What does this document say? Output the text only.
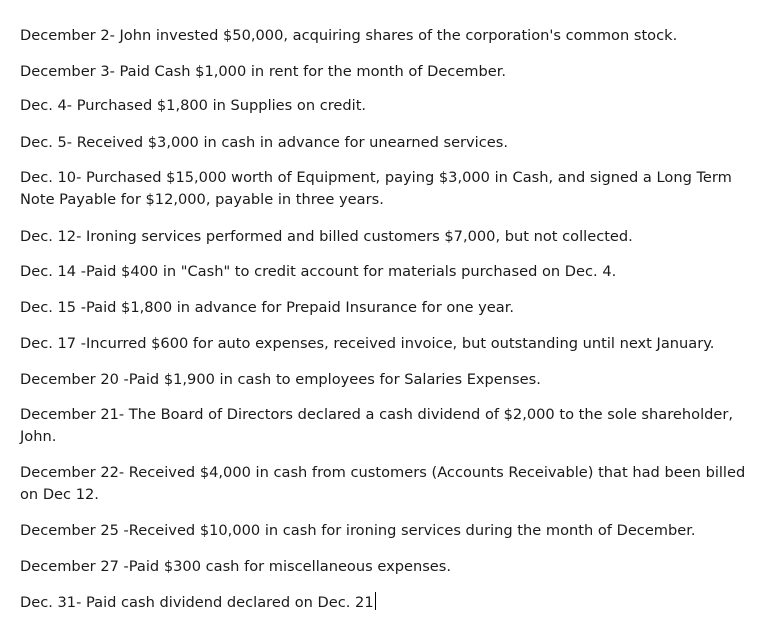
December 2- John invested $50,000, acquiring shares of the corporation's common stock.

December 3- Paid Cash $1,000 in rent for the month of December.

Dec. 4- Purchased $1,800 in Supplies on credit.

Dec. 5- Received $3,000 in cash in advance for unearned services.

Dec. 10- Purchased $15,000 worth of Equipment, paying $3,000 in Cash, and signed a Long Term Note Payable for $12,000, payable in three years.

Dec. 12- Ironing services performed and billed customers $7,000, but not collected.

Dec. 14 -Paid $400 in "Cash" to credit account for materials purchased on Dec. 4.

Dec. 15 -Paid $1,800 in advance for Prepaid Insurance for one year.

Dec. 17 -Incurred $600 for auto expenses, received invoice, but outstanding until next January.

December 20 -Paid $1,900 in cash to employees for Salaries Expenses.

December 21- The Board of Directors declared a cash dividend of $2,000 to the sole shareholder, John.

December 22- Received $4,000 in cash from customers (Accounts Receivable) that had been billed on Dec 12.

December 25 -Received $10,000 in cash for ironing services during the month of December.

December 27 -Paid $300 cash for miscellaneous expenses.

Dec. 31- Paid cash dividend declared on Dec. 21
